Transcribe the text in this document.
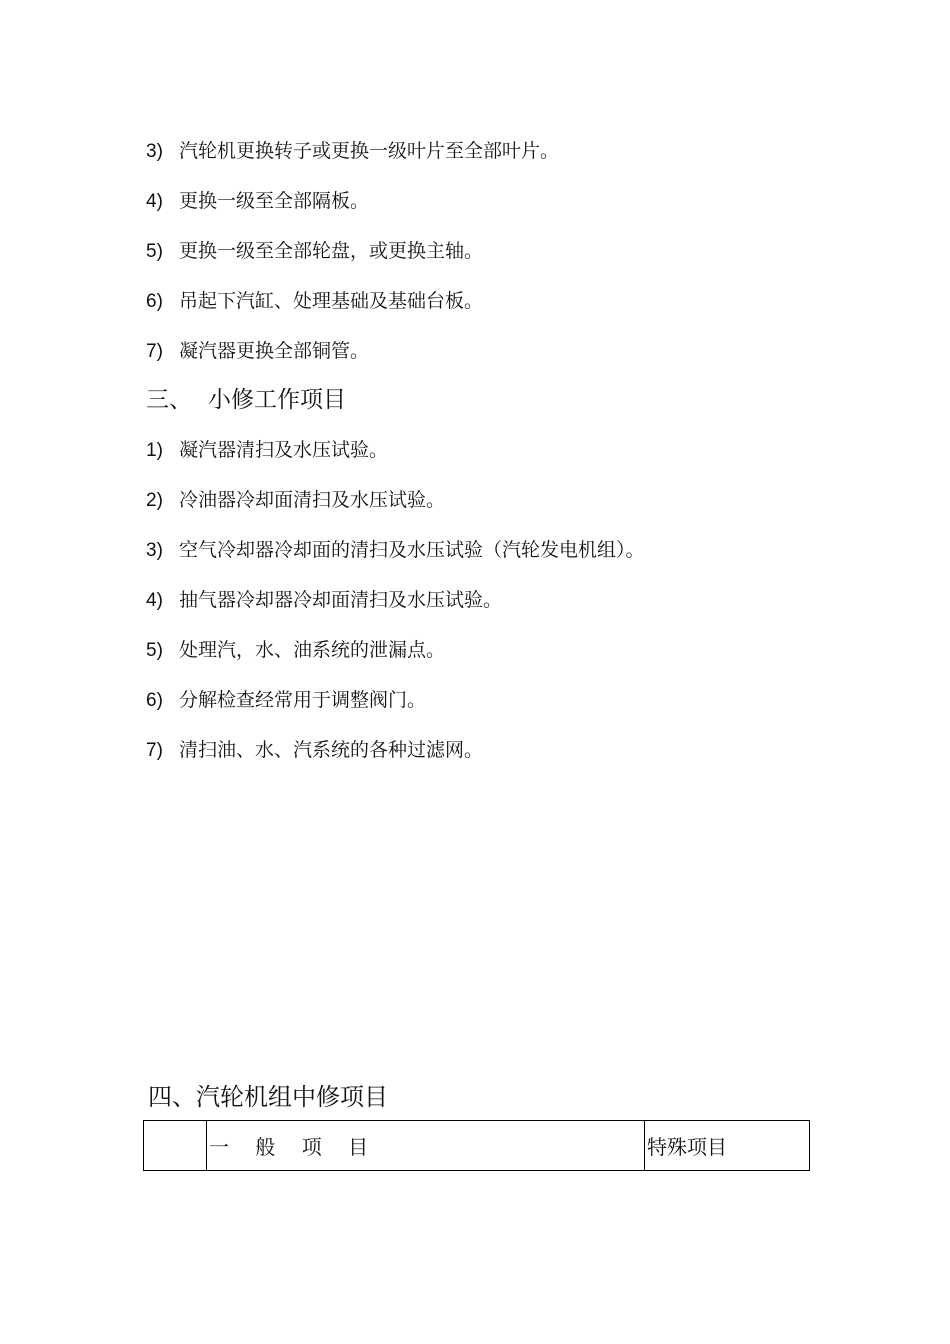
3) 汽轮机更换转子或更换一级叶片至全部叶片。
4) 更换一级至全部隔板。
5) 更换一级至全部轮盘，或更换主轴。
6) 吊起下汽缸、处理基础及基础台板。
7) 凝汽器更换全部铜管。
三、 小修工作项目
1) 凝汽器清扫及水压试验。
2) 冷油器冷却面清扫及水压试验。
3) 空气冷却器冷却面的清扫及水压试验（汽轮发电机组）。
4) 抽气器冷却器冷却面清扫及水压试验。
5) 处理汽，水、油系统的泄漏点。
6) 分解检查经常用于调整阀门。
7) 清扫油、水、汽系统的各种过滤网。
四、汽轮机组中修项目
	一　 般　 项　 目	特殊项目
